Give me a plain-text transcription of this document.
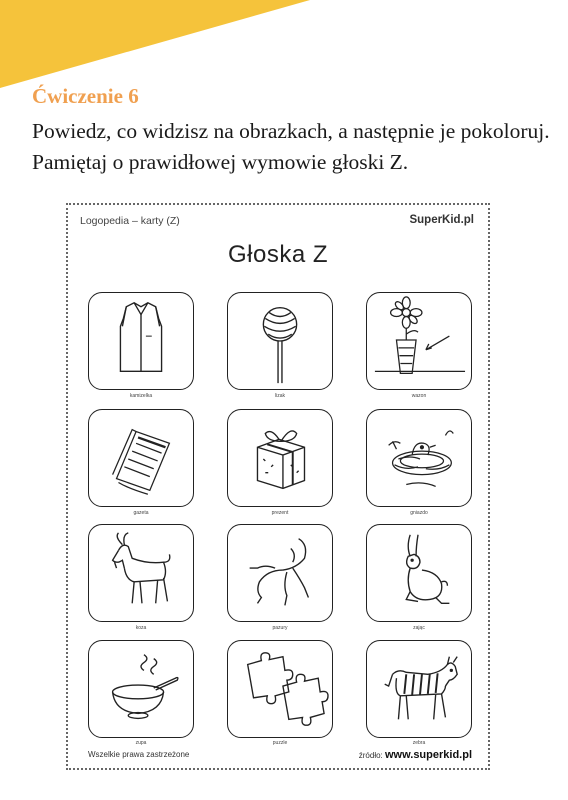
Ćwiczenie 6
Powiedz, co widzisz na obrazkach, a następnie je pokoloruj. Pamiętaj o prawidłowej wymowie głoski Z.
Logopedia – karty (Z)	SuperKid.pl
Głoska Z
kamizelka	lizak	wazon
gazeta	prezent	gniazdo
koza	pazury	zając
zupa	puzzle	zebra
Wszelkie prawa zastrzeżone	źródło: www.superkid.pl
